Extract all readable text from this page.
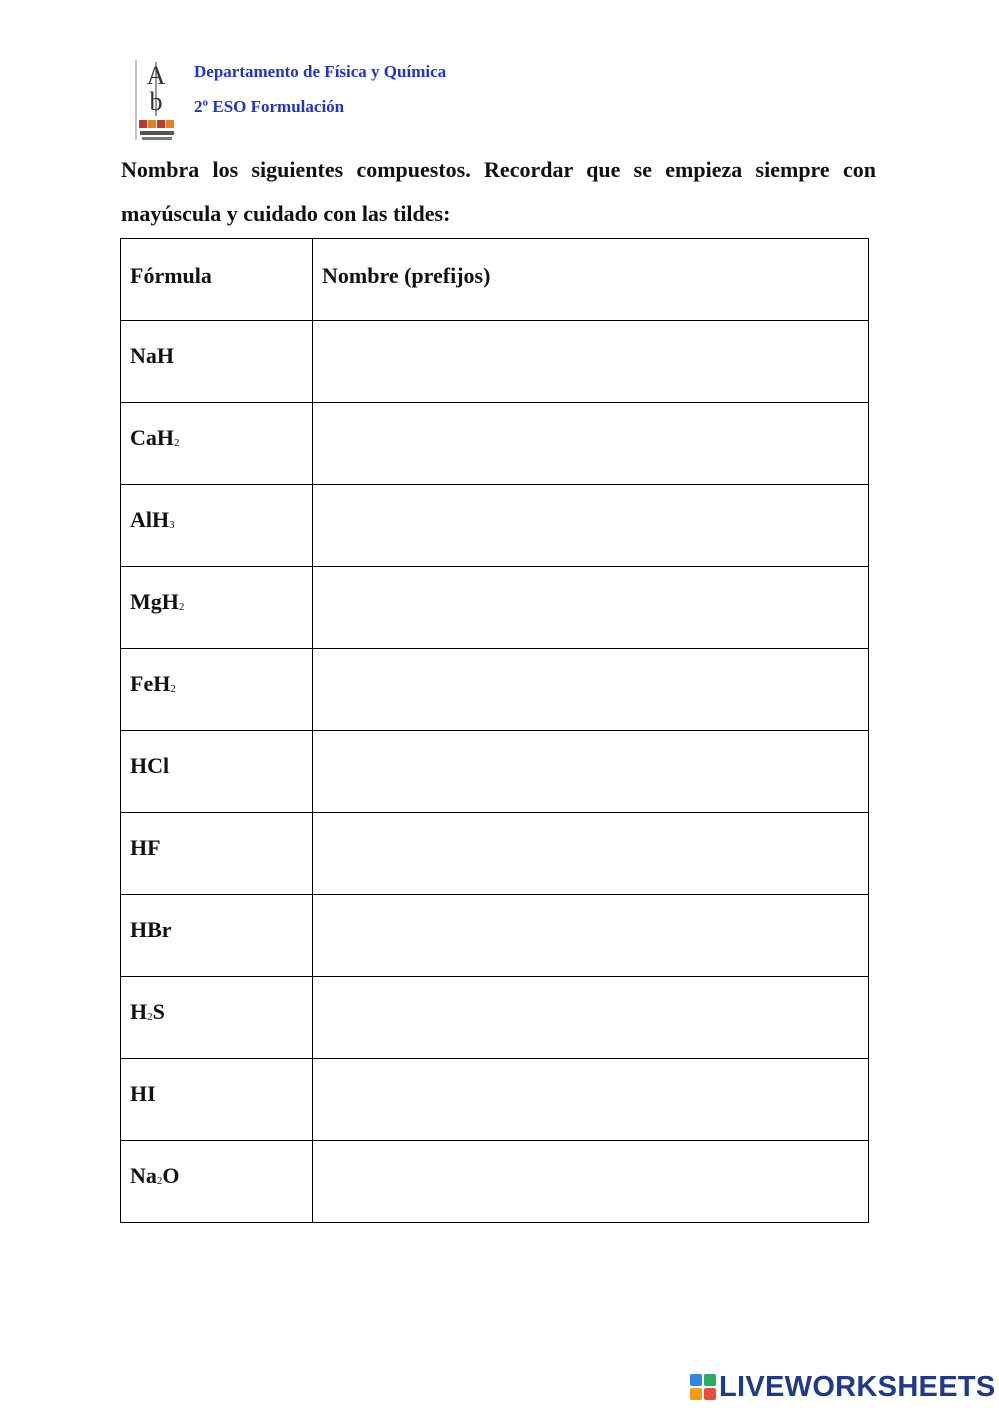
A
b
Departamento de Física y Química
2º ESO Formulación
Nombra los siguientes compuestos. Recordar que se empieza siempre con mayúscula y cuidado con las tildes:
Fórmula	Nombre (prefijos)
NaH	
CaH2	
AlH3	
MgH2	
FeH2	
HCl	
HF	
HBr	
H2S	
HI	
Na2O	
LIVEWORKSHEETS
